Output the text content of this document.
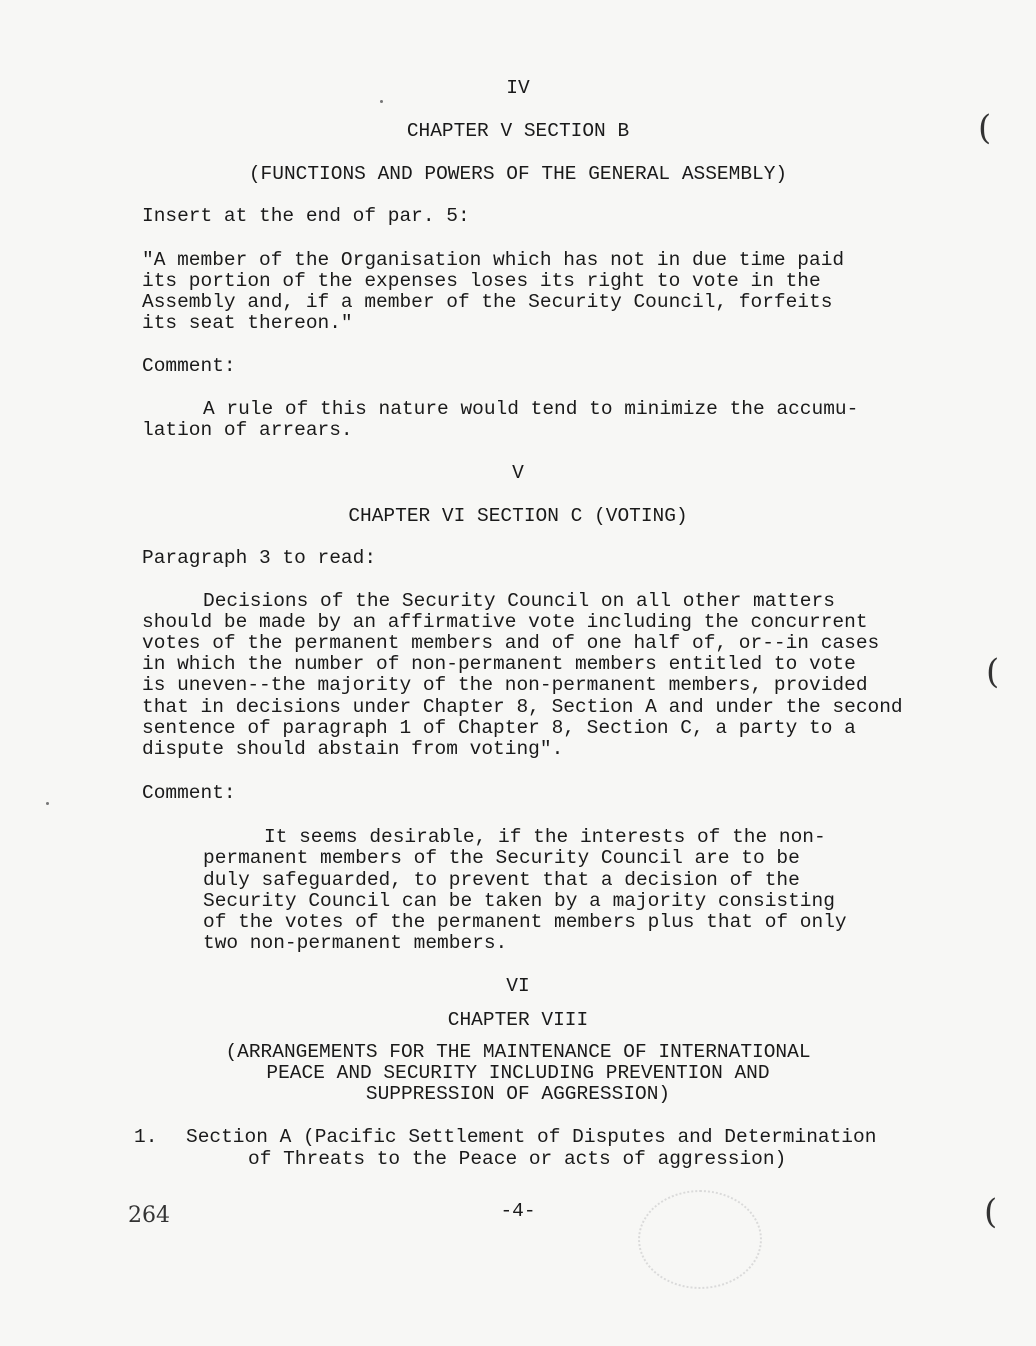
IV
CHAPTER V SECTION B
(FUNCTIONS AND POWERS OF THE GENERAL ASSEMBLY)
Insert at the end of par. 5:
"A member of the Organisation which has not in due time paid
its portion of the expenses loses its right to vote in the
Assembly and, if a member of the Security Council, forfeits
its seat thereon."
Comment:
A rule of this nature would tend to minimize the accumu-
lation of arrears.
V
CHAPTER VI SECTION C (VOTING)
Paragraph 3 to read:
Decisions of the Security Council on all other matters
should be made by an affirmative vote including the concurrent
votes of the permanent members and of one half of, or--in cases
in which the number of non-permanent members entitled to vote
is uneven--the majority of the non-permanent members, provided
that in decisions under Chapter 8, Section A and under the second
sentence of paragraph 1 of Chapter 8, Section C, a party to a
dispute should abstain from voting".
Comment:
It seems desirable, if the interests of the non-
permanent members of the Security Council are to be
duly safeguarded, to prevent that a decision of the
Security Council can be taken by a majority consisting
of the votes of the permanent members plus that of only
two non-permanent members.
VI
CHAPTER VIII
(ARRANGEMENTS FOR THE MAINTENANCE OF INTERNATIONAL
PEACE AND SECURITY INCLUDING PREVENTION AND
SUPPRESSION OF AGGRESSION)
1. Section A (Pacific Settlement of Disputes and Determination
of Threats to the Peace or acts of aggression)
264	-4-
(
(
(
